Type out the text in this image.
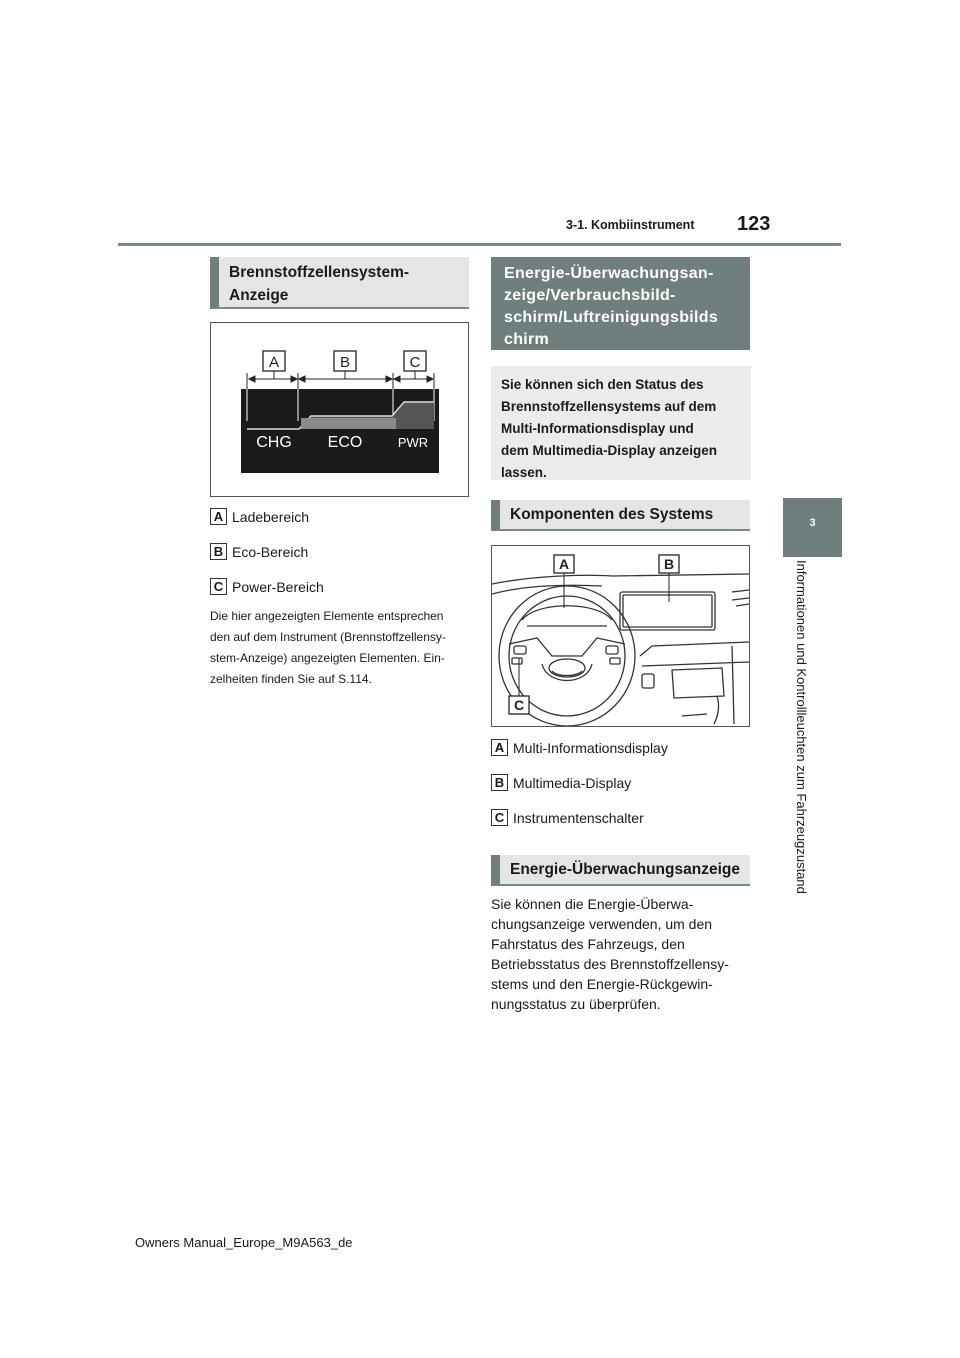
3-1. Kombiinstrument 123
3
Informationen und Kontrollleuchten zum Fahrzeugzustand
Brennstoffzellensystem-Anzeige
A	B	C
CHG ECO	PWR
A Ladebereich
B Eco-Bereich
C Power-Bereich
Die hier angezeigten Elemente entsprechen
den auf dem Instrument (Brennstoffzellensy-
stem-Anzeige) angezeigten Elementen. Ein-
zelheiten finden Sie auf S.114.
Energie-Überwachungsan-
zeige/Verbrauchsbild-
schirm/Luftreinigungsbilds
chirm
Sie können sich den Status des
Brennstoffzellensystems auf dem
Multi-Informationsdisplay und
dem Multimedia-Display anzeigen
lassen.
Komponenten des Systems
A	B
C
A Multi-Informationsdisplay
B Multimedia-Display
C Instrumentenschalter
Energie-Überwachungsanzeige
Sie können die Energie-Überwa-
chungsanzeige verwenden, um den
Fahrstatus des Fahrzeugs, den
Betriebsstatus des Brennstoffzellensy-
stems und den Energie-Rückgewin-
nungsstatus zu überprüfen.
Owners Manual_Europe_M9A563_de
